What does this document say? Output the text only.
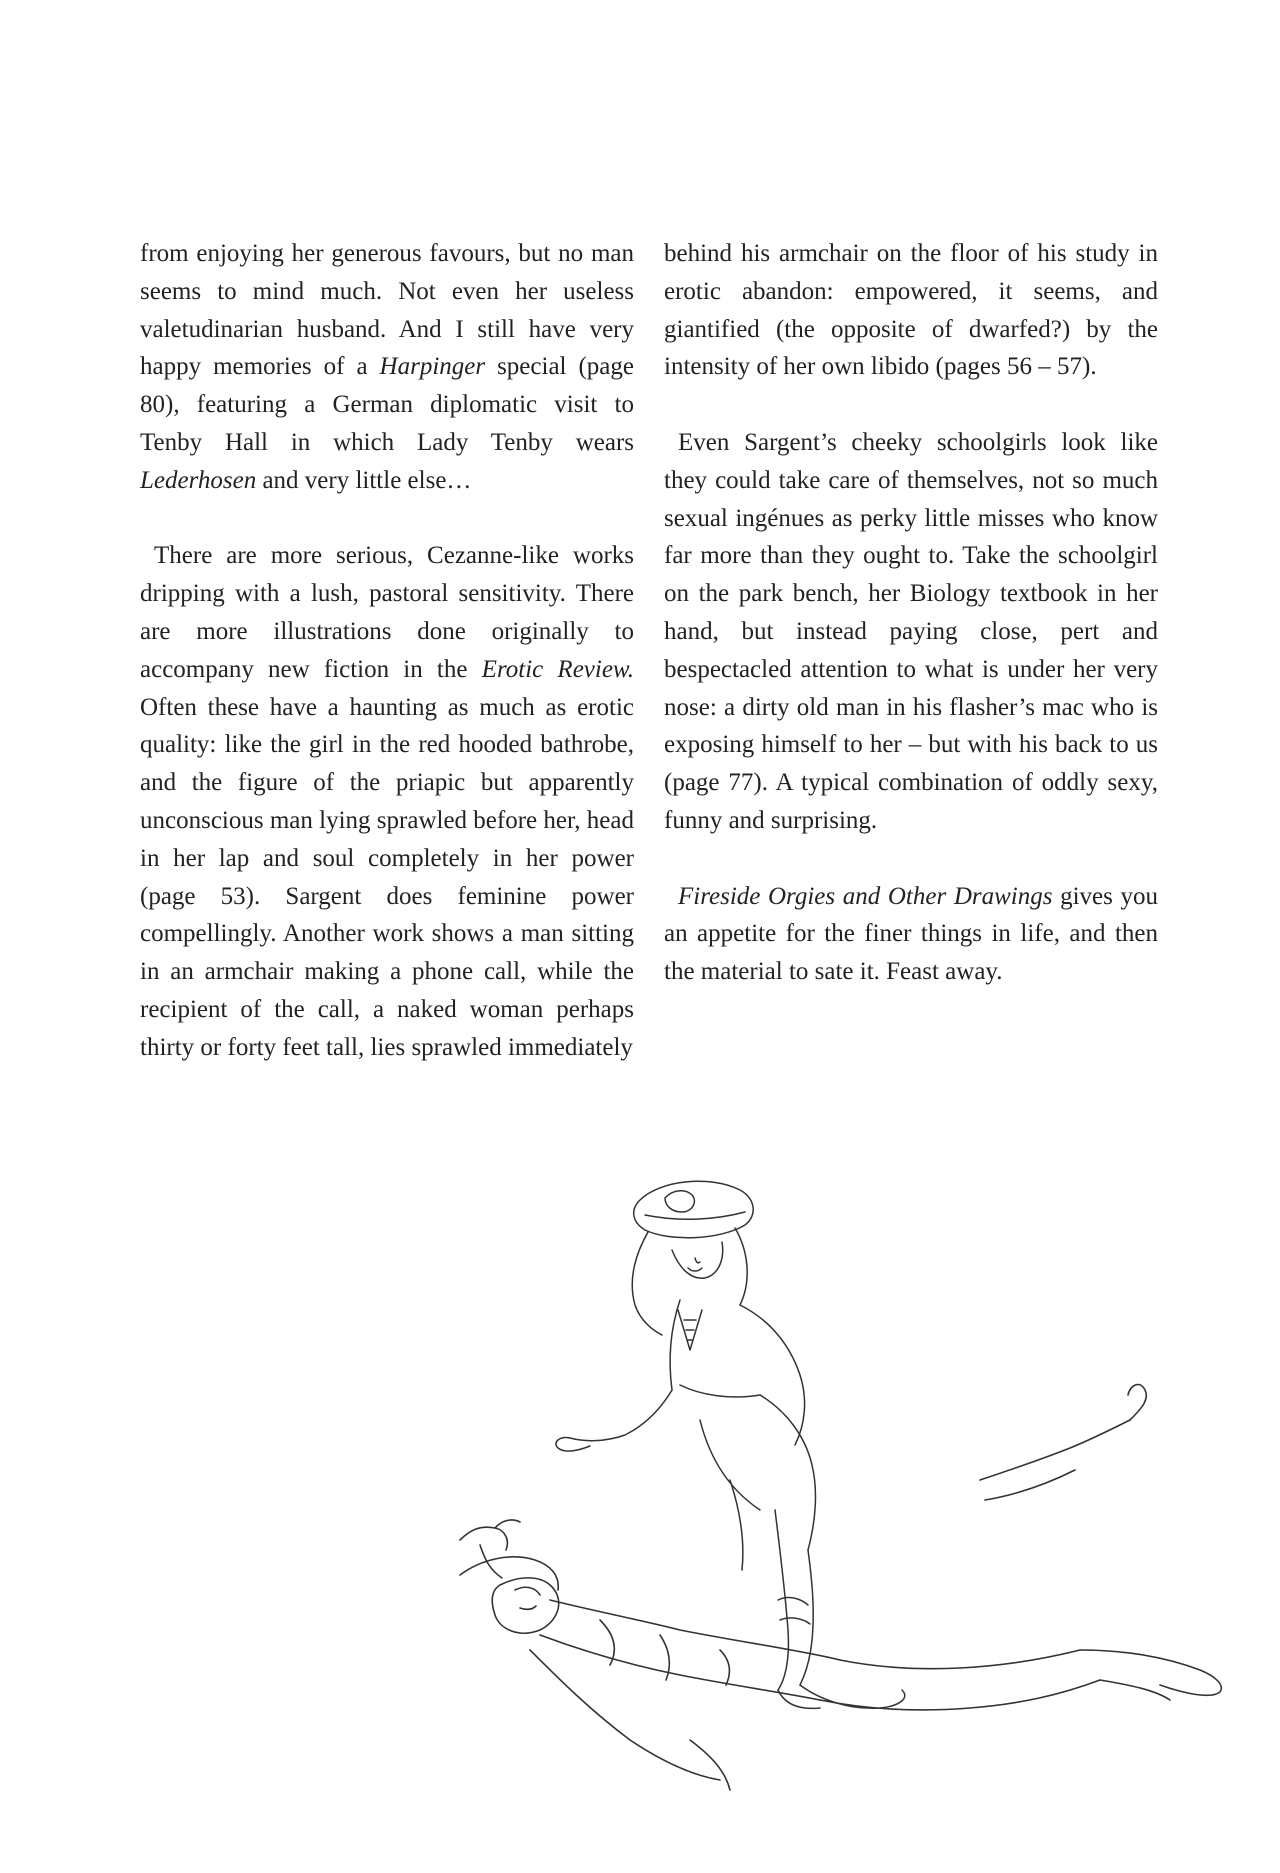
from enjoying her generous favours, but no man seems to mind much. Not even her useless valetudinarian husband. And I still have very happy memories of a Harpinger special (page 80), featuring a German diplomatic visit to Tenby Hall in which Lady Tenby wears Lederhosen and very little else…

There are more serious, Cezanne-like works dripping with a lush, pastoral sensitivity. There are more illustrations done originally to accompany new fiction in the Erotic Review. Often these have a haunting as much as erotic quality: like the girl in the red hooded bathrobe, and the figure of the priapic but apparently unconscious man lying sprawled before her, head in her lap and soul completely in her power (page 53). Sargent does feminine power compellingly. Another work shows a man sitting in an armchair making a phone call, while the recipient of the call, a naked woman perhaps thirty or forty feet tall, lies sprawled immediately

behind his armchair on the floor of his study in erotic abandon: empowered, it seems, and giantified (the opposite of dwarfed?) by the intensity of her own libido (pages 56 – 57).

Even Sargent’s cheeky schoolgirls look like they could take care of themselves, not so much sexual ingénues as perky little misses who know far more than they ought to. Take the schoolgirl on the park bench, her Biology textbook in her hand, but instead paying close, pert and bespectacled attention to what is under her very nose: a dirty old man in his flasher’s mac who is exposing himself to her – but with his back to us (page 77). A typical combination of oddly sexy, funny and surprising.

Fireside Orgies and Other Drawings gives you an appetite for the finer things in life, and then the material to sate it. Feast away.
